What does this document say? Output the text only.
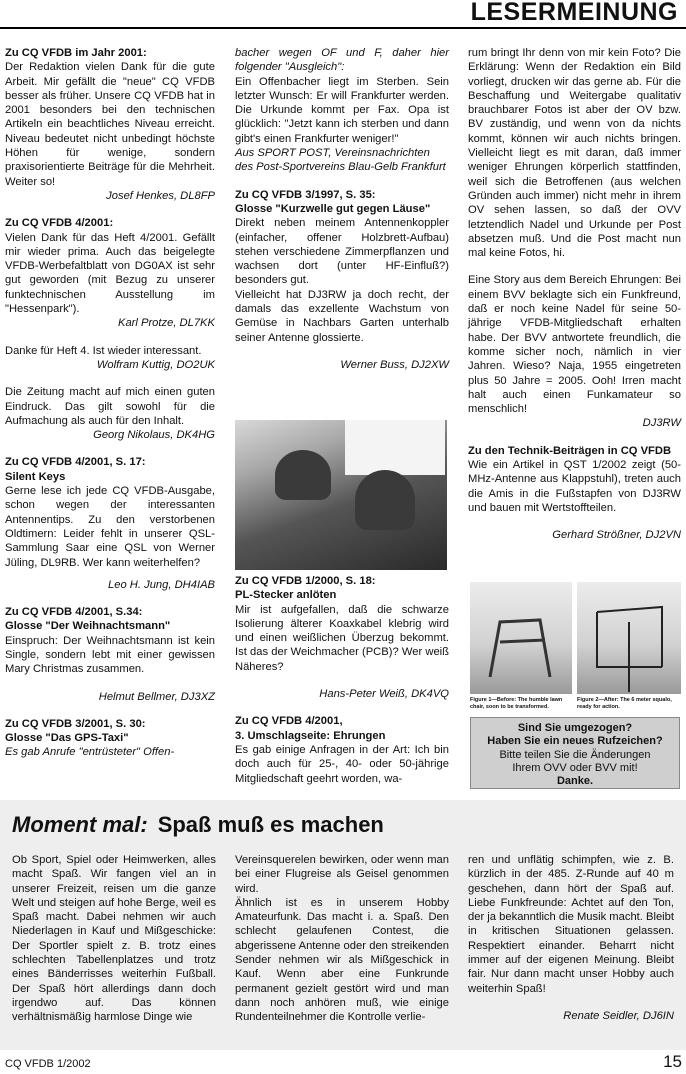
LESERMEINUNG

Zu CQ VFDB im Jahr 2001:

Der Redaktion vielen Dank für die gute Arbeit. Mir gefällt die "neue" CQ VFDB besser als früher. Unsere CQ VFDB hat in 2001 besonders bei den technischen Artikeln ein beachtliches Niveau erreicht. Niveau bedeutet nicht unbedingt höchste Höhen für wenige, sondern praxisorientierte Beiträge für die Mehrheit. Weiter so!

Josef Henkes, DL8FP

Zu CQ VFDB 4/2001:

Vielen Dank für das Heft 4/2001. Gefällt mir wieder prima. Auch das beigelegte VFDB-Werbefaltblatt von DG0AX ist sehr gut geworden (mit Bezug zu unserer funktechnischen Ausstellung im "Hessenpark").

Karl Protze, DL7KK

Danke für Heft 4. Ist wieder interessant.

Wolfram Kuttig, DO2UK

Die Zeitung macht auf mich einen guten Eindruck. Das gilt sowohl für die Aufmachung als auch für den Inhalt.

Georg Nikolaus, DK4HG

Zu CQ VFDB 4/2001, S. 17:

Silent Keys

Gerne lese ich jede CQ VFDB-Ausgabe, schon wegen der interessanten Antennentips. Zu den verstorbenen Oldtimern: Leider fehlt in unserer QSL-Sammlung Saar eine QSL von Werner Jüling, DL9RB. Wer kann weiterhelfen?

Leo H. Jung, DH4IAB

Zu CQ VFDB 4/2001, S.34:

Glosse "Der Weihnachtsmann"

Einspruch: Der Weihnachtsmann ist kein Single, sondern lebt mit einer gewissen Mary Christmas zusammen.

Helmut Bellmer, DJ3XZ

Zu CQ VFDB 3/2001, S. 30:

Glosse "Das GPS-Taxi"

Es gab Anrufe "entrüsteter" Offen-

bacher wegen OF und F, daher hier folgender "Ausgleich":

Ein Offenbacher liegt im Sterben. Sein letzter Wunsch: Er will Frankfurter werden. Die Urkunde kommt per Fax. Opa ist glücklich: "Jetzt kann ich sterben und dann gibt's einen Frankfurter weniger!"

Aus SPORT POST, Vereinsnachrichten des Post-Sportvereins Blau-Gelb Frankfurt

Zu CQ VFDB 3/1997, S. 35:

Glosse "Kurzwelle gut gegen Läuse"

Direkt neben meinem Antennenkoppler (einfacher, offener Holzbrett-Aufbau) stehen verschiedene Zimmerpflanzen und wachsen dort (unter HF-Einfluß?) besonders gut.

Vielleicht hat DJ3RW ja doch recht, der damals das exzellente Wachstum von Gemüse in Nachbars Garten unterhalb seiner Antenne glossierte.

Werner Buss, DJ2XW

Zu CQ VFDB 1/2000, S. 18:

PL-Stecker anlöten

Mir ist aufgefallen, daß die schwarze Isolierung älterer Koaxkabel klebrig wird und einen weißlichen Überzug bekommt. Ist das der Weichmacher (PCB)? Wer weiß Näheres?

Hans-Peter Weiß, DK4VQ

Zu CQ VFDB 4/2001,

3. Umschlagseite: Ehrungen

Es gab einige Anfragen in der Art: Ich bin doch auch für 25-, 40- oder 50-jährige Mitgliedschaft geehrt worden, wa-

rum bringt Ihr denn von mir kein Foto? Die Erklärung: Wenn der Redaktion ein Bild vorliegt, drucken wir das gerne ab. Für die Beschaffung und Weitergabe qualitativ brauchbarer Fotos ist aber der OV bzw. BV zuständig, und wenn von da nichts kommt, können wir auch nichts bringen. Vielleicht liegt es mit daran, daß immer weniger Ehrungen körperlich stattfinden, weil sich die Betroffenen (aus welchen Gründen auch immer) nicht mehr in ihrem OV sehen lassen, so daß der OVV letztendlich Nadel und Urkunde per Post absetzen muß. Und die Post macht nun mal keine Fotos, hi.

Eine Story aus dem Bereich Ehrungen: Bei einem BVV beklagte sich ein Funkfreund, daß er noch keine Nadel für seine 50-jährige VFDB-Mitgliedschaft erhalten habe. Der BVV antwortete freundlich, die komme sicher noch, nämlich in vier Jahren. Wieso? Naja, 1955 eingetreten plus 50 Jahre = 2005. Ooh! Irren macht halt auch einen Funkamateur so menschlich!

DJ3RW

Zu den Technik-Beiträgen in CQ VFDB

Wie ein Artikel in QST 1/2002 zeigt (50-MHz-Antenne aus Klappstuhl), treten auch die Amis in die Fußstapfen von DJ3RW und bauen mit Wertstoffteilen.

Gerhard Strößner, DJ2VN

Figure 1—Before: The humble lawn chair, soon to be transformed.
Figure 2—After: The 6 meter squalo, ready for action.
Sind Sie umgezogen?
Haben Sie ein neues Rufzeichen?
Bitte teilen Sie die Änderungen
Ihrem OVV oder BVV mit!
Danke.
Moment mal: Spaß muß es machen

Ob Sport, Spiel oder Heimwerken, alles macht Spaß. Wir fangen viel an in unserer Freizeit, reisen um die ganze Welt und steigen auf hohe Berge, weil es Spaß macht. Dabei nehmen wir auch Niederlagen in Kauf und Mißgeschicke: Der Sportler spielt z. B. trotz eines schlechten Tabellenplatzes und trotz eines Bänderrisses weiterhin Fußball. Der Spaß hört allerdings dann doch irgendwo auf. Das können verhältnismäßig harmlose Dinge wie

Vereinsquerelen bewirken, oder wenn man bei einer Flugreise als Geisel genommen wird.

Ähnlich ist es in unserem Hobby Amateurfunk. Das macht i. a. Spaß. Den schlecht gelaufenen Contest, die abgerissene Antenne oder den streikenden Sender nehmen wir als Mißgeschick in Kauf. Wenn aber eine Funkrunde permanent gezielt gestört wird und man dann noch anhören muß, wie einige Rundenteilnehmer die Kontrolle verlie-

ren und unflätig schimpfen, wie z. B. kürzlich in der 485. Z-Runde auf 40 m geschehen, dann hört der Spaß auf. Liebe Funkfreunde: Achtet auf den Ton, der ja bekanntlich die Musik macht. Bleibt in kritischen Situationen gelassen. Respektiert einander. Beharrt nicht immer auf der eigenen Meinung. Bleibt fair. Nur dann macht unser Hobby auch weiterhin Spaß!

Renate Seidler, DJ6IN

CQ VFDB 1/2002	15
